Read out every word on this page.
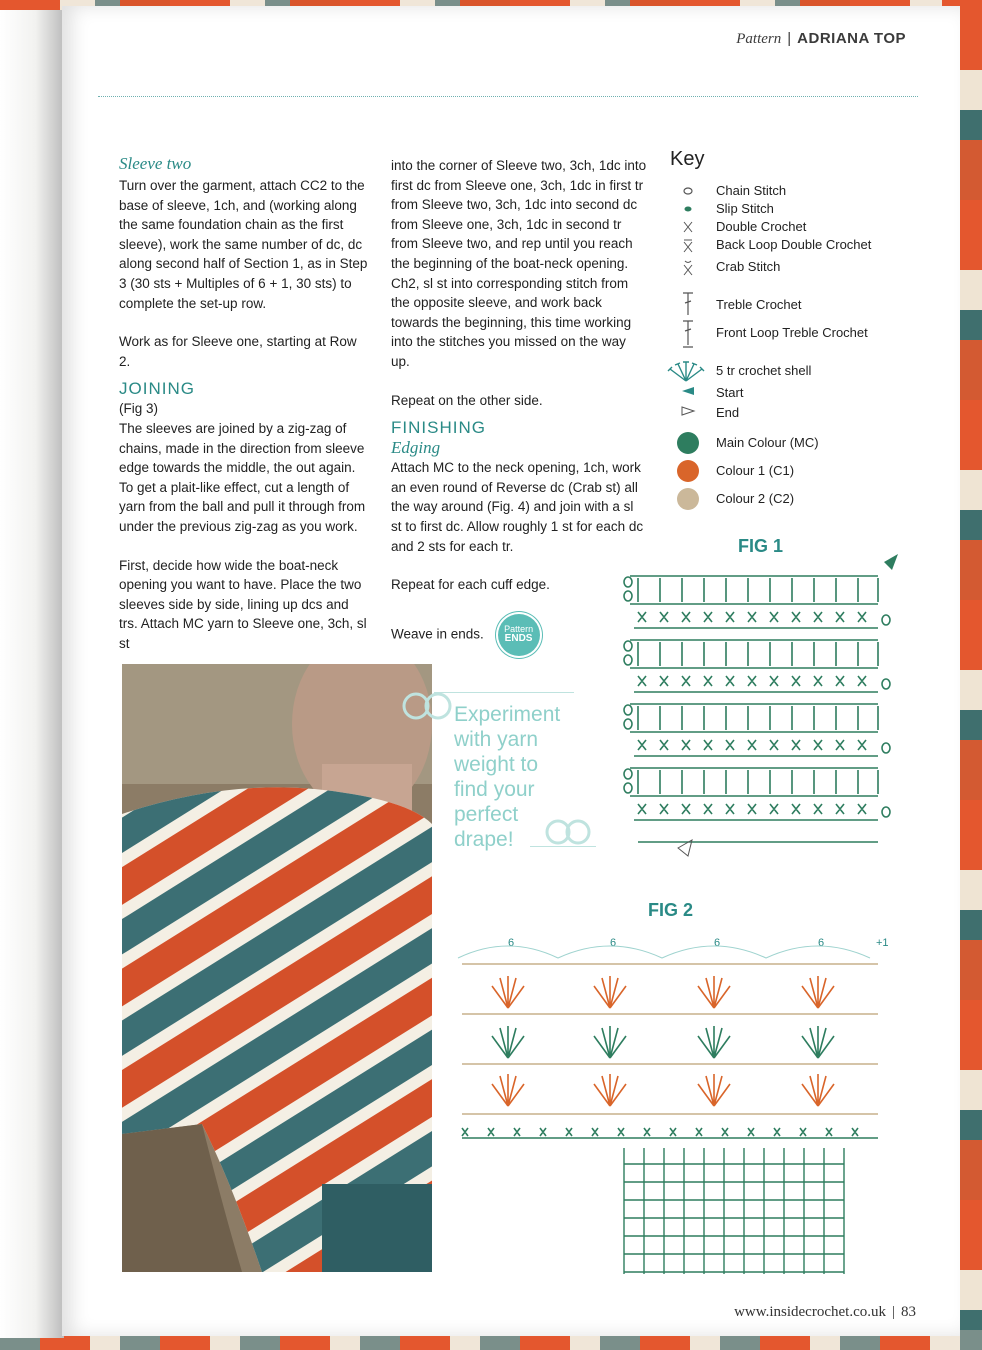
Pattern | ADRIANA TOP
Sleeve two

Turn over the garment, attach CC2 to the base of sleeve, 1ch, and (working along the same foundation chain as the first sleeve), work the same number of dc, dc along second half of Section 1, as in Step 3 (30 sts + Multiples of 6 + 1, 30 sts) to complete the set-up row.

Work as for Sleeve one, starting at Row 2.

JOINING
(Fig 3)

The sleeves are joined by a zig-zag of chains, made in the direction from sleeve edge towards the middle, the out again. To get a plait-like effect, cut a length of yarn from the ball and pull it through from under the previous zig-zag as you work.

First, decide how wide the boat-neck opening you want to have. Place the two sleeves side by side, lining up dcs and trs. Attach MC yarn to Sleeve one, 3ch, sl st

into the corner of Sleeve two, 3ch, 1dc into first dc from Sleeve one, 3ch, 1dc in first tr from Sleeve two, 3ch, 1dc into second dc from Sleeve one, 3ch, 1dc in second tr from Sleeve two, and rep until you reach the beginning of the boat-neck opening. Ch2, sl st into corresponding stitch from the opposite sleeve, and work back towards the beginning, this time working into the stitches you missed on the way up.

Repeat on the other side.

FINISHING
Edging

Attach MC to the neck opening, 1ch, work an even round of Reverse dc (Crab st) all the way around (Fig. 4) and join with a sl st to first dc. Allow roughly 1 st for each dc and 2 sts for each tr.

Repeat for each cuff edge.

Weave in ends.	Pattern
ENDS
Experiment with yarn weight to find your perfect drape!
Key
Chain Stitch
Slip Stitch
Double Crochet
Back Loop Double Crochet
Crab Stitch
Treble Crochet
Front Loop Treble Crochet
5 tr crochet shell
Start
End
Main Colour (MC)
Colour 1 (C1)
Colour 2 (C2)
FIG 1
FIG 2
6	6	6	6	+1
www.insidecrochet.co.uk | 83
